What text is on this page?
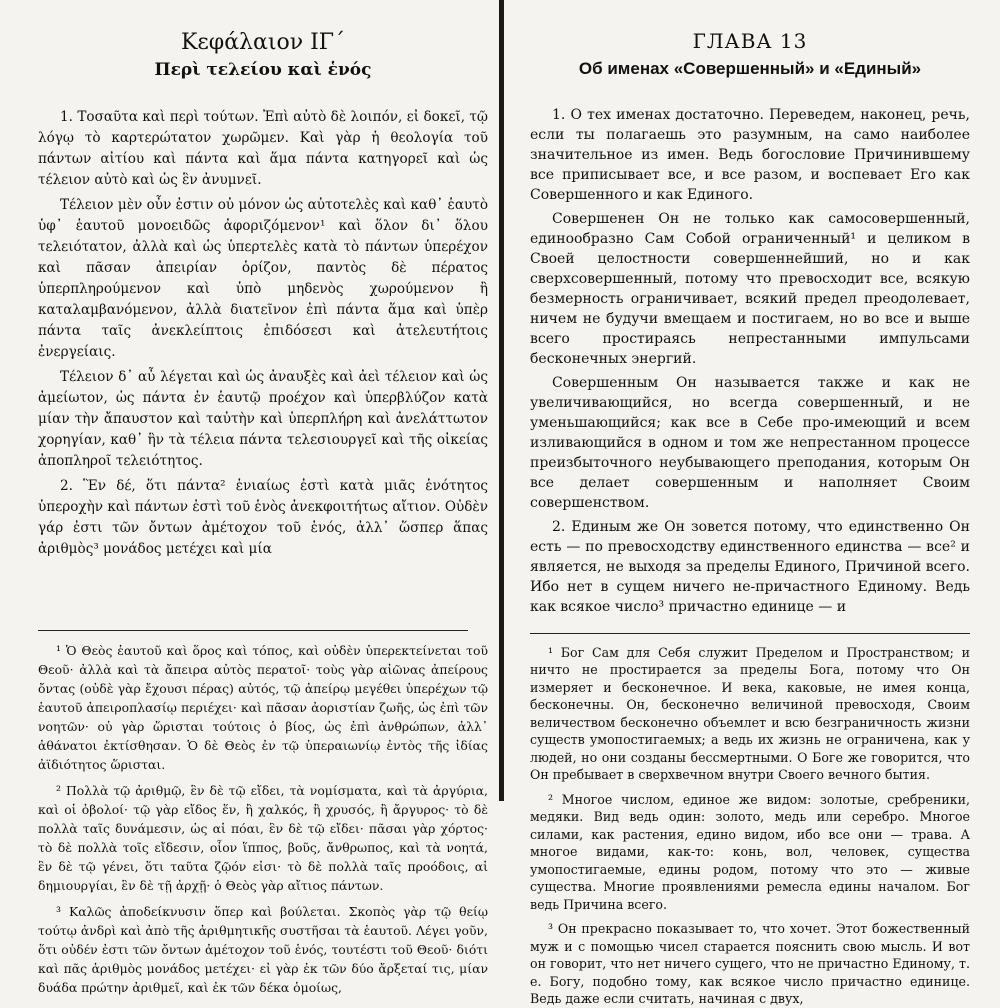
Κεφάλαιον ΙΓ΄
Περὶ τελείου καὶ ἑνός

1. Τοσαῦτα καὶ περὶ τούτων. Ἐπὶ αὐτὸ δὲ λοιπόν, εἰ δοκεῖ, τῷ λόγῳ τὸ καρτερώτατον χωρῶμεν. Καὶ γὰρ ἡ θεολογία τοῦ πάντων αἰτίου καὶ πάντα καὶ ἅμα πάντα κατηγορεῖ καὶ ὡς τέλειον αὐτὸ καὶ ὡς ἓν ἀνυμνεῖ.

Τέλειον μὲν οὖν ἐστιν οὐ μόνον ὡς αὐτοτελὲς καὶ καθ᾿ ἑαυτὸ ὑφ᾿ ἑαυτοῦ μονοειδῶς ἀφοριζόμενον¹ καὶ ὅλον δι᾿ ὅλου τελειότατον, ἀλλὰ καὶ ὡς ὑπερτελὲς κατὰ τὸ πάντων ὑπερέχον καὶ πᾶσαν ἀπειρίαν ὁρίζον, παντὸς δὲ πέρατος ὑπερπληρούμενον καὶ ὑπὸ μηδενὸς χωρούμενον ἢ καταλαμβανόμενον, ἀλλὰ διατεῖνον ἐπὶ πάντα ἅμα καὶ ὑπὲρ πάντα ταῖς ἀνεκλείπτοις ἐπιδόσεσι καὶ ἀτελευτήτοις ἐνεργείαις.

Τέλειον δ᾿ αὖ λέγεται καὶ ὡς ἀναυξὲς καὶ ἀεὶ τέλειον καὶ ὡς ἀμείωτον, ὡς πάντα ἐν ἑαυτῷ προέχον καὶ ὑπερβλύζον κατὰ μίαν τὴν ἄπαυστον καὶ ταὐτὴν καὶ ὑπερπλήρη καὶ ἀνελάττωτον χορηγίαν, καθ᾿ ἣν τὰ τέλεια πάντα τελεσιουργεῖ καὶ τῆς οἰκείας ἀποπληροῖ τελειότητος.

2. Ἓν δέ, ὅτι πάντα² ἑνιαίως ἐστὶ κατὰ μιᾶς ἑνότητος ὑπεροχὴν καὶ πάντων ἐστὶ τοῦ ἑνὸς ἀνεκφοιτήτως αἴτιον. Οὐδὲν γάρ ἐστι τῶν ὄντων ἀμέτοχον τοῦ ἑνός, ἀλλ᾿ ὥσπερ ἅπας ἀριθμὸς³ μονάδος μετέχει καὶ μία

¹ Ὁ Θεὸς ἑαυτοῦ καὶ ὅρος καὶ τόπος, καὶ οὐδὲν ὑπερεκτείνεται τοῦ Θεοῦ· ἀλλὰ καὶ τὰ ἄπειρα αὐτὸς περατοῖ· τοὺς γὰρ αἰῶνας ἀπείρους ὄντας (οὐδὲ γὰρ ἔχουσι πέρας) αὐτός, τῷ ἀπείρῳ μεγέθει ὑπερέχων τῷ ἑαυτοῦ ἀπειροπλασίῳ περιέχει· καὶ πᾶσαν ἀοριστίαν ζωῆς, ὡς ἐπὶ τῶν νοητῶν· οὐ γὰρ ὥρισται τούτοις ὁ βίος, ὡς ἐπὶ ἀνθρώπων, ἀλλ᾿ ἀθάνατοι ἐκτίσθησαν. Ὁ δὲ Θεὸς ἐν τῷ ὑπεραιωνίῳ ἐντὸς τῆς ἰδίας ἀϊδιότητος ὥρισται.

² Πολλὰ τῷ ἀριθμῷ, ἓν δὲ τῷ εἴδει, τὰ νομίσματα, καὶ τὰ ἀργύρια, καὶ οἱ ὀβολοί· τῷ γὰρ εἴδος ἕν, ἢ χαλκός, ἢ χρυσός, ἢ ἄργυρος· τὸ δὲ πολλὰ ταῖς δυνάμεσιν, ὡς αἱ πόαι, ἓν δὲ τῷ εἴδει· πᾶσαι γὰρ χόρτος· τὸ δὲ πολλὰ τοῖς εἴδεσιν, οἷον ἵππος, βοῦς, ἄνθρωπος, καὶ τὰ νοητά, ἓν δὲ τῷ γένει, ὅτι ταῦτα ζῷόν εἰσι· τὸ δὲ πολλὰ ταῖς προόδοις, αἱ δημιουργίαι, ἓν δὲ τῇ ἀρχῇ· ὁ Θεὸς γὰρ αἴτιος πάντων.

³ Καλῶς ἀποδείκνυσιν ὅπερ καὶ βούλεται. Σκοπὸς γὰρ τῷ θείῳ τούτῳ ἀνδρὶ καὶ ἀπὸ τῆς ἀριθμητικῆς συστῆσαι τὰ ἑαυτοῦ. Λέγει γοῦν, ὅτι οὐδέν ἐστι τῶν ὄντων ἀμέτοχον τοῦ ἑνός, τουτέστι τοῦ Θεοῦ· διότι καὶ πᾶς ἀριθμὸς μονάδος μετέχει· εἰ γὰρ ἐκ τῶν δύο ἄρξεταί τις, μίαν δυάδα πρώτην ἀριθμεῖ, καὶ ἐκ τῶν δέκα ὁμοίως,

ГЛАВА 13
Об именах «Совершенный» и «Единый»

1. О тех именах достаточно. Переведем, наконец, речь, если ты полагаешь это разумным, на само наиболее значительное из имен. Ведь богословие Причинившему все приписывает все, и все разом, и воспевает Его как Совершенного и как Единого.

Совершенен Он не только как самосовершенный, единообразно Сам Собой ограниченный¹ и целиком в Своей целостности совершеннейший, но и как сверхсовершенный, потому что превосходит все, всякую безмерность ограничивает, всякий предел преодолевает, ничем не будучи вмещаем и постигаем, но во все и выше всего простираясь непрестанными импульсами бесконечных энергий.

Совершенным Он называется также и как не увеличивающийся, но всегда совершенный, и не уменьшающийся; как все в Себе про-имеющий и всем изливающийся в одном и том же непрестанном процессе преизбыточного неубывающего преподания, которым Он все делает совершенным и наполняет Своим совершенством.

2. Единым же Он зовется потому, что единственно Он есть — по превосходству единственного единства — все² и является, не выходя за пределы Единого, Причиной всего. Ибо нет в сущем ничего не-причастного Единому. Ведь как всякое число³ причастно единице — и

¹ Бог Сам для Себя служит Пределом и Пространством; и ничто не простирается за пределы Бога, потому что Он измеряет и бесконечное. И века, каковые, не имея конца, бесконечны. Он, бесконечно величиной превосходя, Своим величеством бесконечно объемлет и всю безграничность жизни существ умопостигаемых; а ведь их жизнь не ограничена, как у людей, но они созданы бессмертными. О Боге же говорится, что Он пребывает в сверхвечном внутри Своего вечного бытия.

² Многое числом, единое же видом: золотые, сребреники, медяки. Вид ведь один: золото, медь или серебро. Многое силами, как растения, едино видом, ибо все они — трава. А многое видами, как-то: конь, вол, человек, существа умопостигаемые, едины родом, потому что это — живые существа. Многие проявлениями ремесла едины началом. Бог ведь Причина всего.

³ Он прекрасно показывает то, что хочет. Этот божественный муж и с помощью чисел старается пояснить свою мысль. И вот он говорит, что нет ничего сущего, что не причастно Единому, т. е. Богу, подобно тому, как всякое число причастно единице. Ведь даже если считать, начиная с двух,
